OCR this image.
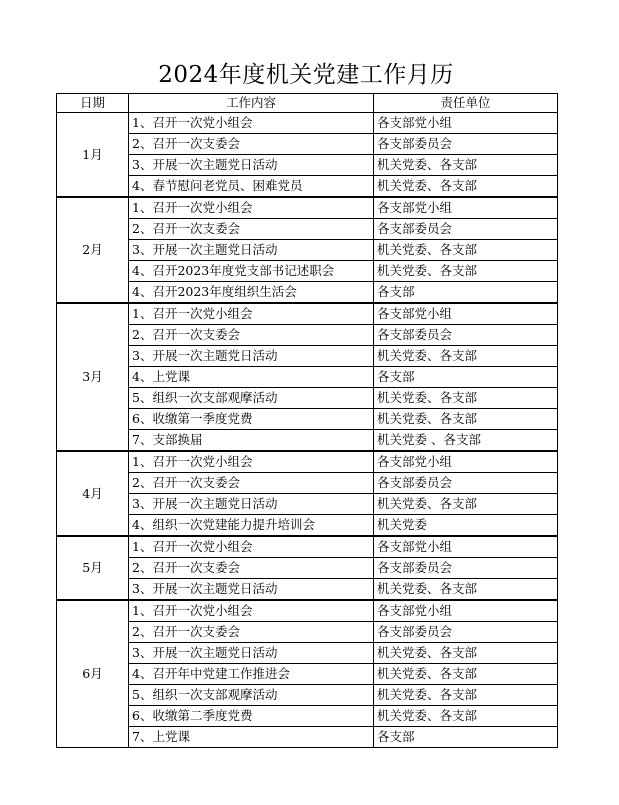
2024年度机关党建工作月历
日期	工作内容	责任单位
1月	1、召开一次党小组会	各支部党小组
	2、召开一次支委会	各支部委员会
	3、开展一次主题党日活动	机关党委、各支部
	4、春节慰问老党员、困难党员	机关党委、各支部
2月	1、召开一次党小组会	各支部党小组
	2、召开一次支委会	各支部委员会
	3、开展一次主题党日活动	机关党委、各支部
	4、召开2023年度党支部书记述职会	机关党委、各支部
	4、召开2023年度组织生活会	各支部
3月	1、召开一次党小组会	各支部党小组
	2、召开一次支委会	各支部委员会
	3、开展一次主题党日活动	机关党委、各支部
	4、上党课	各支部
	5、组织一次支部观摩活动	机关党委、各支部
	6、收缴第一季度党费	机关党委、各支部
	7、支部换届	机关党委 、各支部
4月	1、召开一次党小组会	各支部党小组
	2、召开一次支委会	各支部委员会
	3、开展一次主题党日活动	机关党委、各支部
	4、组织一次党建能力提升培训会	机关党委
5月	1、召开一次党小组会	各支部党小组
	2、召开一次支委会	各支部委员会
	3、开展一次主题党日活动	机关党委、各支部
6月	1、召开一次党小组会	各支部党小组
	2、召开一次支委会	各支部委员会
	3、开展一次主题党日活动	机关党委、各支部
	4、召开年中党建工作推进会	机关党委、各支部
	5、组织一次支部观摩活动	机关党委、各支部
	6、收缴第二季度党费	机关党委、各支部
	7、上党课	各支部
